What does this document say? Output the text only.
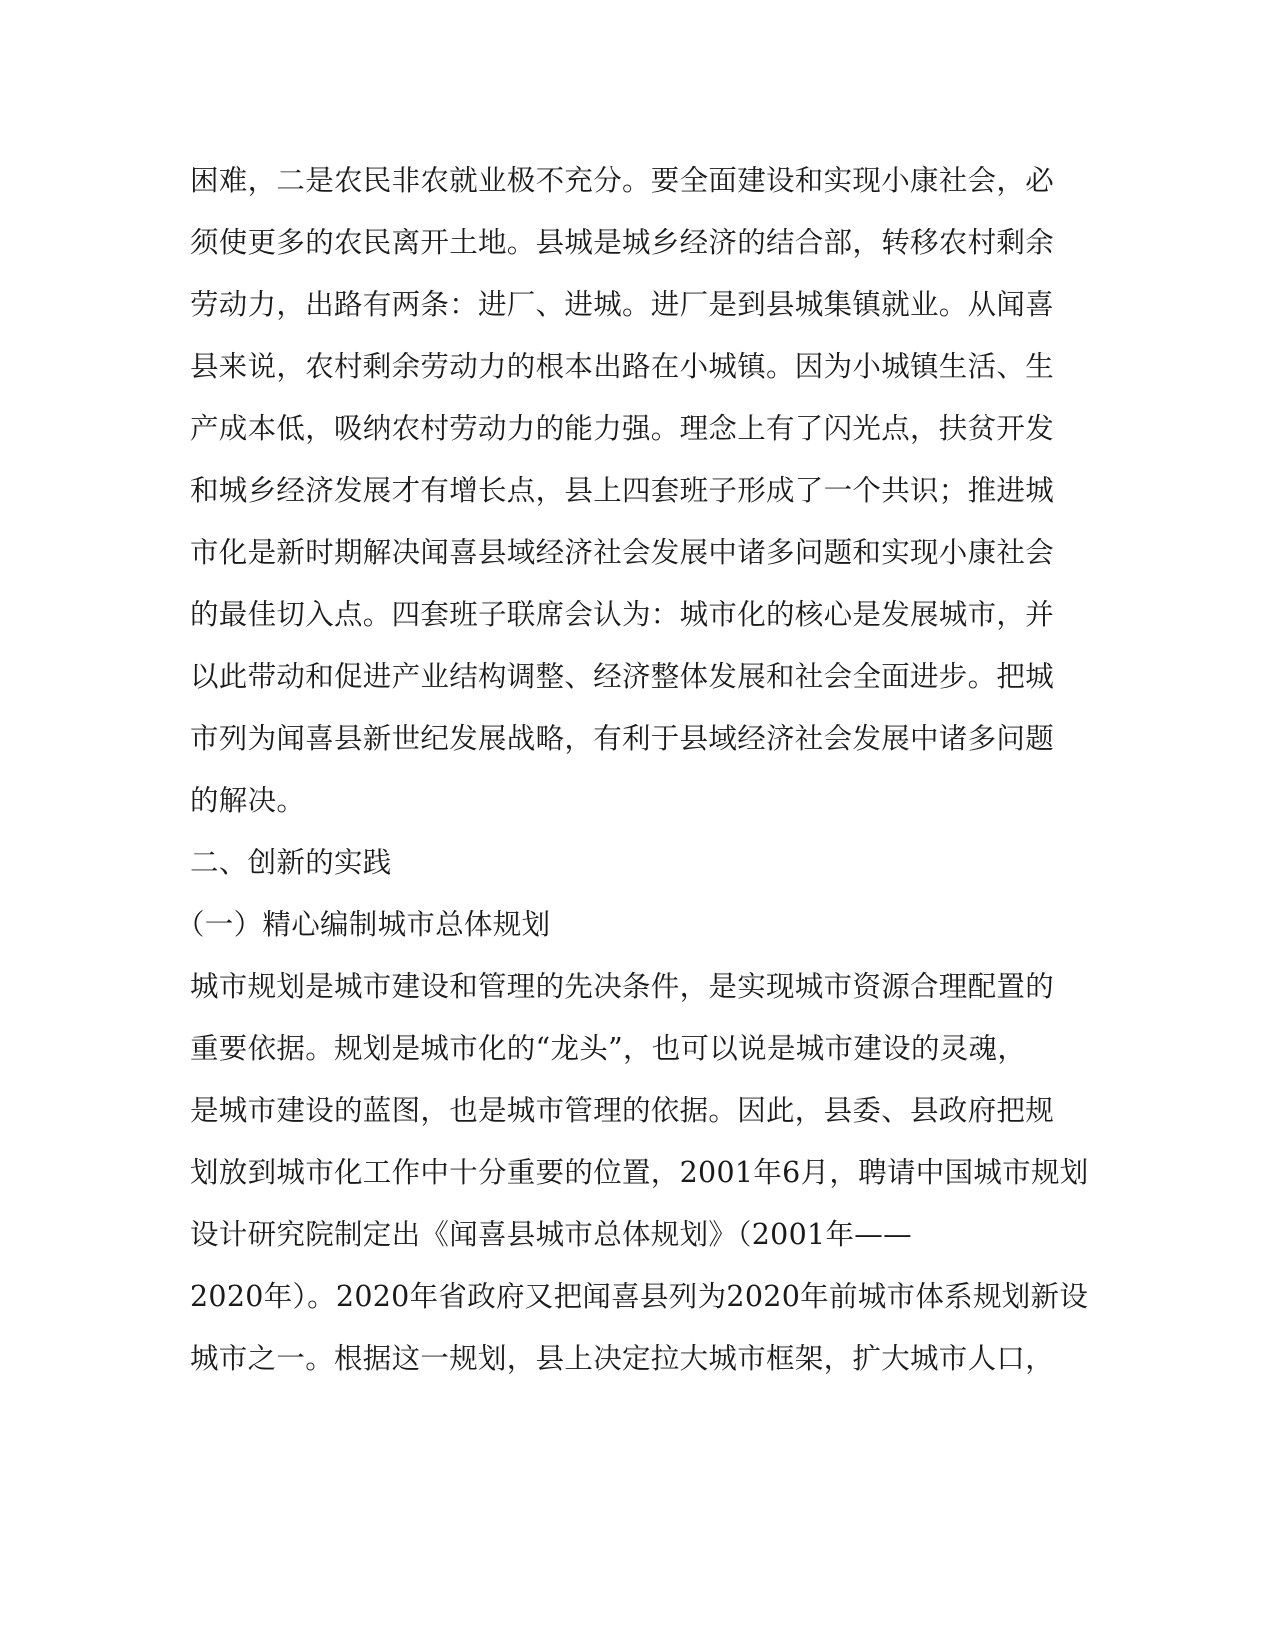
困难，二是农民非农就业极不充分。要全面建设和实现小康社会，必

须使更多的农民离开土地。县城是城乡经济的结合部，转移农村剩余

劳动力，出路有两条：进厂、进城。进厂是到县城集镇就业。从闻喜

县来说，农村剩余劳动力的根本出路在小城镇。因为小城镇生活、生

产成本低，吸纳农村劳动力的能力强。理念上有了闪光点，扶贫开发

和城乡经济发展才有增长点，县上四套班子形成了一个共识；推进城

市化是新时期解决闻喜县域经济社会发展中诸多问题和实现小康社会

的最佳切入点。四套班子联席会认为：城市化的核心是发展城市，并

以此带动和促进产业结构调整、经济整体发展和社会全面进步。把城

市列为闻喜县新世纪发展战略，有利于县域经济社会发展中诸多问题

的解决。

二、创新的实践

（一）精心编制城市总体规划

城市规划是城市建设和管理的先决条件，是实现城市资源合理配置的

重要依据。规划是城市化的“龙头”，也可以说是城市建设的灵魂，

是城市建设的蓝图，也是城市管理的依据。因此，县委、县政府把规

划放到城市化工作中十分重要的位置，2001年6月，聘请中国城市规划

设计研究院制定出《闻喜县城市总体规划》（2001年——

2020年）。2020年省政府又把闻喜县列为2020年前城市体系规划新设

城市之一。根据这一规划，县上决定拉大城市框架，扩大城市人口，
